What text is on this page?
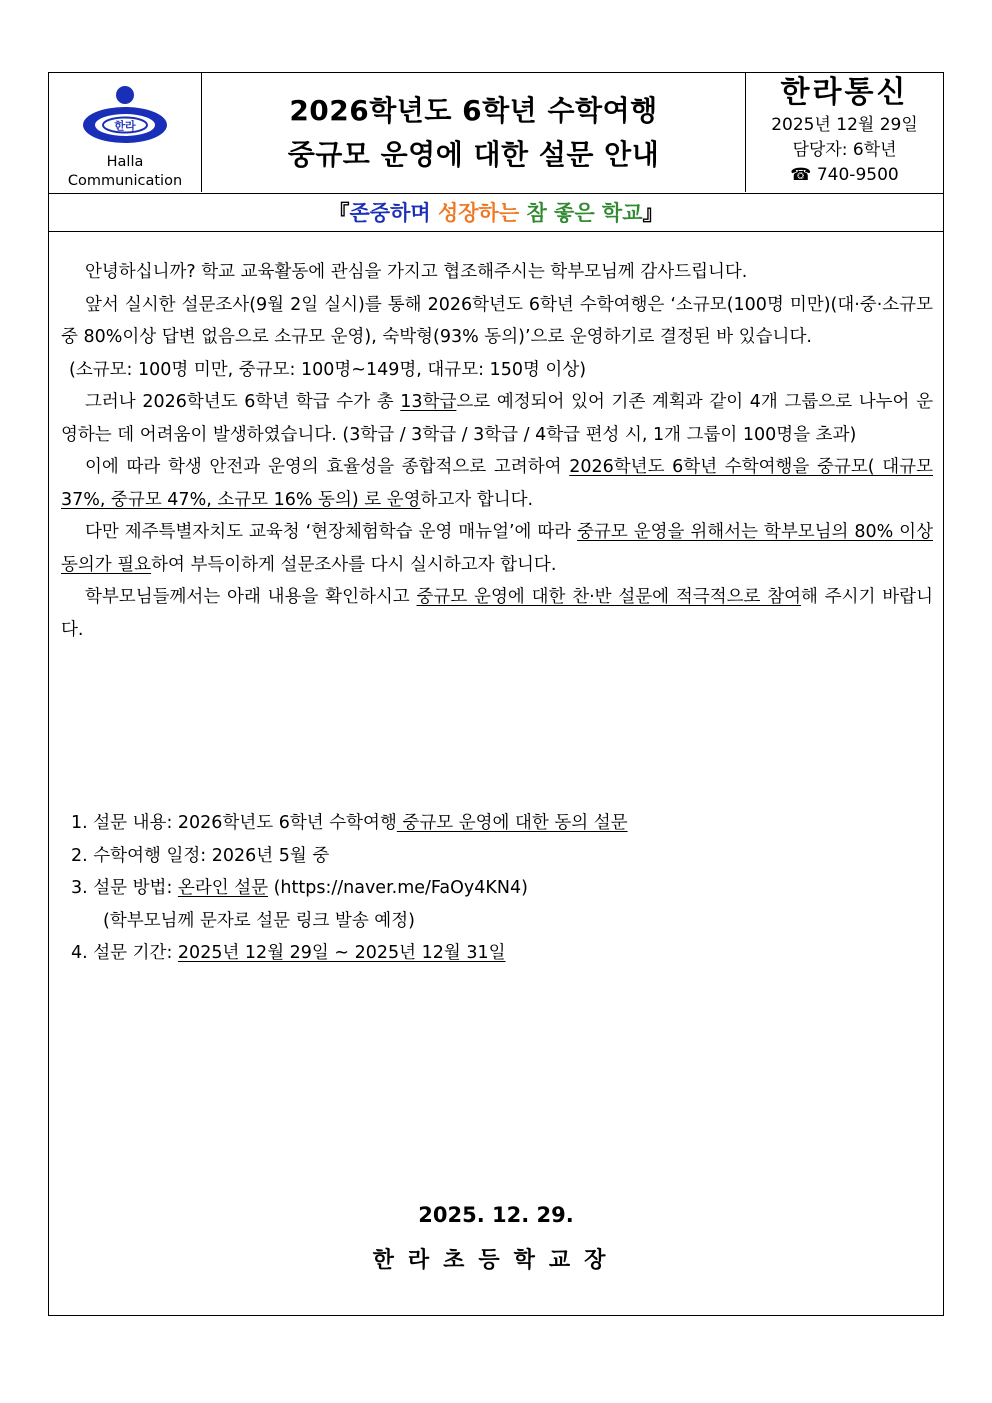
한라
Halla
Communication
2026학년도 6학년 수학여행
중규모 운영에 대한 설문 안내
한라통신
2025년 12월 29일
담당자: 6학년
☎ 740-9500
『존중하며 성장하는 참 좋은 학교』

안녕하십니까? 학교 교육활동에 관심을 가지고 협조해주시는 학부모님께 감사드립니다.

앞서 실시한 설문조사(9월 2일 실시)를 통해 2026학년도 6학년 수학여행은 ‘소규모(100명 미만)(대·중·소규모 중 80%이상 답변 없음으로 소규모 운영), 숙박형(93% 동의)’으로 운영하기로 결정된 바 있습니다.

(소규모: 100명 미만, 중규모: 100명~149명, 대규모: 150명 이상)

그러나 2026학년도 6학년 학급 수가 총 13학급으로 예정되어 있어 기존 계획과 같이 4개 그룹으로 나누어 운영하는 데 어려움이 발생하였습니다. (3학급 / 3학급 / 3학급 / 4학급 편성 시, 1개 그룹이 100명을 초과)

이에 따라 학생 안전과 운영의 효율성을 종합적으로 고려하여 2026학년도 6학년 수학여행을 중규모( 대규모 37%, 중규모 47%, 소규모 16% 동의) 로 운영하고자 합니다.

다만 제주특별자치도 교육청 ‘현장체험학습 운영 매뉴얼’에 따라 중규모 운영을 위해서는 학부모님의 80% 이상 동의가 필요하여 부득이하게 설문조사를 다시 실시하고자 합니다.

학부모님들께서는 아래 내용을 확인하시고 중규모 운영에 대한 찬·반 설문에 적극적으로 참여해 주시기 바랍니다.

1. 설문 내용: 2026학년도 6학년 수학여행 중규모 운영에 대한 동의 설문
2. 수학여행 일정: 2026년 5월 중
3. 설문 방법: 온라인 설문 (https://naver.me/FaOy4KN4)
(학부모님께 문자로 설문 링크 발송 예정)
4. 설문 기간: 2025년 12월 29일 ~ 2025년 12월 31일
2025. 12. 29.
한라초등학교장
